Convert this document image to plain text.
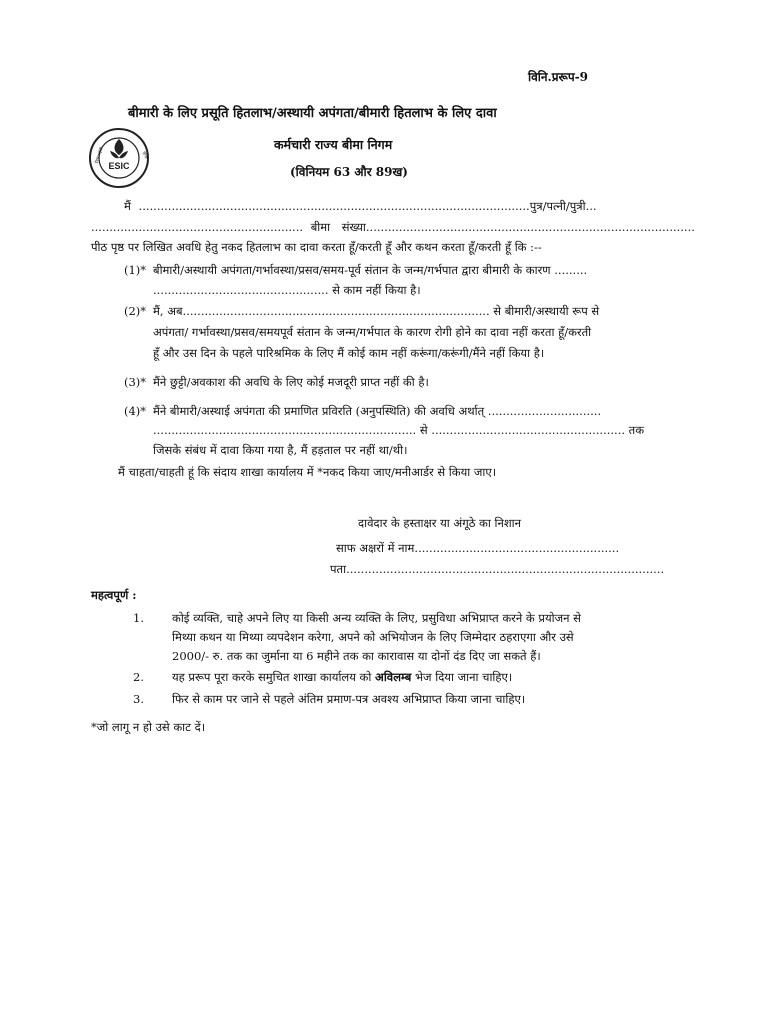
विनि.प्ररूप-9
बीमारी के लिए प्रसूति हितलाभ/अस्थायी अपंगता/बीमारी हितलाभ के लिए दावा
कर्मचारी राज्य बीमा निगम
(विनियम 63 और 89ख)
ESIC
ईएसआईसी	सुरक्षा
मैं ...........................................................................................................पुत्र/पत्नी/पुत्री...
.......................................................... बीमा संख्या..........................................................................................
पीठ पृष्ठ पर लिखित अवधि हेतु नकद हितलाभ का दावा करता हूँ/करती हूँ और कथन करता हूँ/करती हूँ कि :--
(1)* बीमारी/अस्थायी अपंगता/गर्भावस्था/प्रसव/समय-पूर्व संतान के जन्म/गर्भपात द्वारा बीमारी के कारण .........
................................................ से काम नहीं किया है।
(2)* मैं, अब.................................................................................... से बीमारी/अस्थायी रूप से
अपंगता/ गर्भावस्था/प्रसव/समयपूर्व संतान के जन्म/गर्भपात के कारण रोगी होने का दावा नहीं करता हूँ/करती
हूँ और उस दिन के पहले पारिश्रमिक के लिए मैं कोई काम नहीं करूंगा/करूंगी/मैंने नहीं किया है।
(3)* मैंने छुट्टी/अवकाश की अवधि के लिए कोई मजदूरी प्राप्त नहीं की है।
(4)* मैंने बीमारी/अस्थाई अपंगता की प्रमाणित प्रविरति (अनुपस्थिति) की अवधि अर्थात् ...............................
........................................................................ से ..................................................... तक
जिसके संबंध में दावा किया गया है, मैं हड़ताल पर नहीं था/थी।
मैं चाहता/चाहती हूं कि संदाय शाखा कार्यालय में *नकद किया जाए/मनीआर्डर से किया जाए।
दावेदार के हस्ताक्षर या अंगूठे का निशान
साफ अक्षरों में नाम........................................................
पता.......................................................................................
महत्वपूर्ण :
1. कोई व्यक्ति, चाहे अपने लिए या किसी अन्य व्यक्ति के लिए, प्रसुविधा अभिप्राप्त करने के प्रयोजन से
मिथ्या कथन या मिथ्या व्यपदेशन करेगा, अपने को अभियोजन के लिए जिम्मेदार ठहराएगा और उसे
2000/- रु. तक का जुर्माना या 6 महीने तक का कारावास या दोनों दंड दिए जा सकते हैं।
2. यह प्ररूप पूरा करके समुचित शाखा कार्यालय को अविलम्ब भेज दिया जाना चाहिए।
3. फिर से काम पर जाने से पहले अंतिम प्रमाण-पत्र अवश्य अभिप्राप्त किया जाना चाहिए।
*जो लागू न हो उसे काट दें।
